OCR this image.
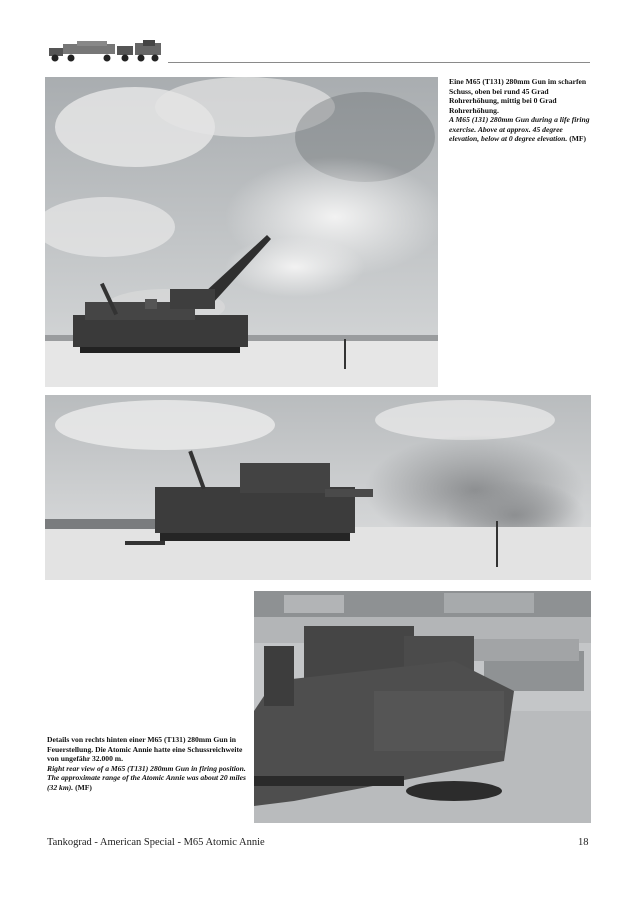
Eine M65 (T131) 280mm Gun im scharfen Schuss, oben bei rund 45 Grad Rohrerhöhung, mittig bei 0 Grad Rohrerhöhung.

A M65 (131) 280mm Gun during a life firing exercise. Above at approx. 45 degree elevation, below at 0 degree elevation. (MF)

Details von rechts hinten einer M65 (T131) 280mm Gun in Feuerstellung. Die Atomic Annie hatte eine Schussreichweite von ungefähr 32.000 m.

Right rear view of a M65 (T131) 280mm Gun in firing position. The approximate range of the Atomic Annie was about 20 miles (32 km). (MF)

Tankograd - American Special - M65 Atomic Annie	18
